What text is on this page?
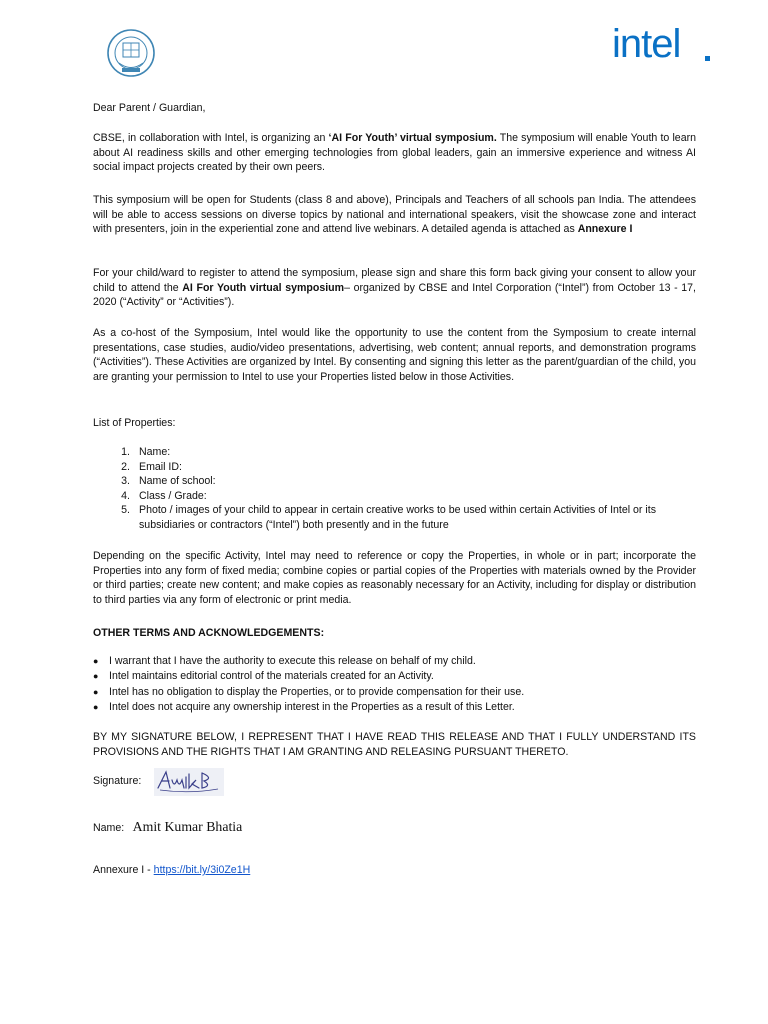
intel
Dear Parent / Guardian,
CBSE, in collaboration with Intel, is organizing an ‘AI For Youth’ virtual symposium. The symposium will enable Youth to learn about AI readiness skills and other emerging technologies from global leaders, gain an immersive experience and witness AI social impact projects created by their own peers.
This symposium will be open for Students (class 8 and above), Principals and Teachers of all schools pan India. The attendees will be able to access sessions on diverse topics by national and international speakers, visit the showcase zone and interact with presenters, join in the experiential zone and attend live webinars. A detailed agenda is attached as Annexure I
For your child/ward to register to attend the symposium, please sign and share this form back giving your consent to allow your child to attend the AI For Youth virtual symposium– organized by CBSE and Intel Corporation (“Intel”) from October 13 - 17, 2020 (“Activity” or “Activities”).
As a co-host of the Symposium, Intel would like the opportunity to use the content from the Symposium to create internal presentations, case studies, audio/video presentations, advertising, web content; annual reports, and demonstration programs (“Activities”). These Activities are organized by Intel. By consenting and signing this letter as the parent/guardian of the child, you are granting your permission to Intel to use your Properties listed below in those Activities.
List of Properties:
1. Name:
2. Email ID:
3. Name of school:
4. Class / Grade:
5. Photo / images of your child to appear in certain creative works to be used within certain Activities of Intel or its subsidiaries or contractors (“Intel”) both presently and in the future
Depending on the specific Activity, Intel may need to reference or copy the Properties, in whole or in part; incorporate the Properties into any form of fixed media; combine copies or partial copies of the Properties with materials owned by the Provider or third parties; create new content; and make copies as reasonably necessary for an Activity, including for display or distribution to third parties via any form of electronic or print media.
OTHER TERMS AND ACKNOWLEDGEMENTS:
● I warrant that I have the authority to execute this release on behalf of my child.
● Intel maintains editorial control of the materials created for an Activity.
● Intel has no obligation to display the Properties, or to provide compensation for their use.
● Intel does not acquire any ownership interest in the Properties as a result of this Letter.
BY MY SIGNATURE BELOW, I REPRESENT THAT I HAVE READ THIS RELEASE AND THAT I FULLY UNDERSTAND ITS PROVISIONS AND THE RIGHTS THAT I AM GRANTING AND RELEASING PURSUANT THERETO.
Signature:
Name: Amit Kumar Bhatia
Annexure I - https://bit.ly/3i0Ze1H
